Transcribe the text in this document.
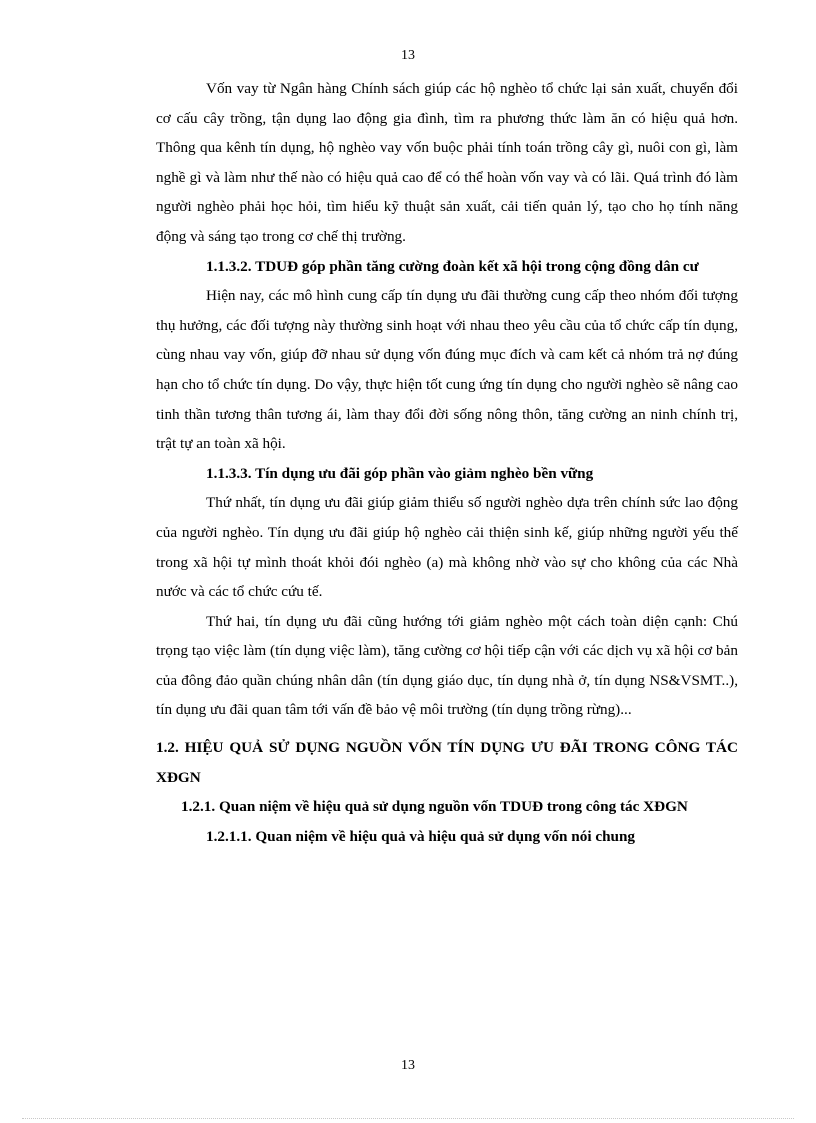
13

Vốn vay từ Ngân hàng Chính sách giúp các hộ nghèo tổ chức lại sản xuất, chuyển đổi cơ cấu cây trồng, tận dụng lao động gia đình, tìm ra phương thức làm ăn có hiệu quả hơn. Thông qua kênh tín dụng, hộ nghèo vay vốn buộc phải tính toán trồng cây gì, nuôi con gì, làm nghề gì và làm như thế nào có hiệu quả cao để có thể hoàn vốn vay và có lãi. Quá trình đó làm người nghèo phải học hỏi, tìm hiểu kỹ thuật sản xuất, cải tiến quản lý, tạo cho họ tính năng động và sáng tạo trong cơ chế thị trường.

1.1.3.2. TDUĐ góp phần tăng cường đoàn kết xã hội trong cộng đồng dân cư

Hiện nay, các mô hình cung cấp tín dụng ưu đãi thường cung cấp theo nhóm đối tượng thụ hưởng, các đối tượng này thường sinh hoạt với nhau theo yêu cầu của tổ chức cấp tín dụng, cùng nhau vay vốn, giúp đỡ nhau sử dụng vốn đúng mục đích và cam kết cả nhóm trả nợ đúng hạn cho tổ chức tín dụng. Do vậy, thực hiện tốt cung ứng tín dụng cho người nghèo sẽ nâng cao tinh thần tương thân tương ái, làm thay đổi đời sống nông thôn, tăng cường an ninh chính trị, trật tự an toàn xã hội.

1.1.3.3. Tín dụng ưu đãi góp phần vào giảm nghèo bền vững

Thứ nhất, tín dụng ưu đãi giúp giảm thiểu số người nghèo dựa trên chính sức lao động của người nghèo. Tín dụng ưu đãi giúp hộ nghèo cải thiện sinh kế, giúp những người yếu thế trong xã hội tự mình thoát khỏi đói nghèo (a) mà không nhờ vào sự cho không của các Nhà nước và các tổ chức cứu tế.

Thứ hai, tín dụng ưu đãi cũng hướng tới giảm nghèo một cách toàn diện cạnh: Chú trọng tạo việc làm (tín dụng việc làm), tăng cường cơ hội tiếp cận với các dịch vụ xã hội cơ bản của đông đảo quần chúng nhân dân (tín dụng giáo dục, tín dụng nhà ở, tín dụng NS&VSMT..), tín dụng ưu đãi quan tâm tới vấn đề bảo vệ môi trường (tín dụng trồng rừng)...

1.2. HIỆU QUẢ SỬ DỤNG NGUỒN VỐN TÍN DỤNG ƯU ĐÃI TRONG CÔNG TÁC XĐGN

1.2.1. Quan niệm về hiệu quả sử dụng nguồn vốn TDUĐ trong công tác XĐGN

1.2.1.1. Quan niệm về hiệu quả và hiệu quả sử dụng vốn nói chung

13
